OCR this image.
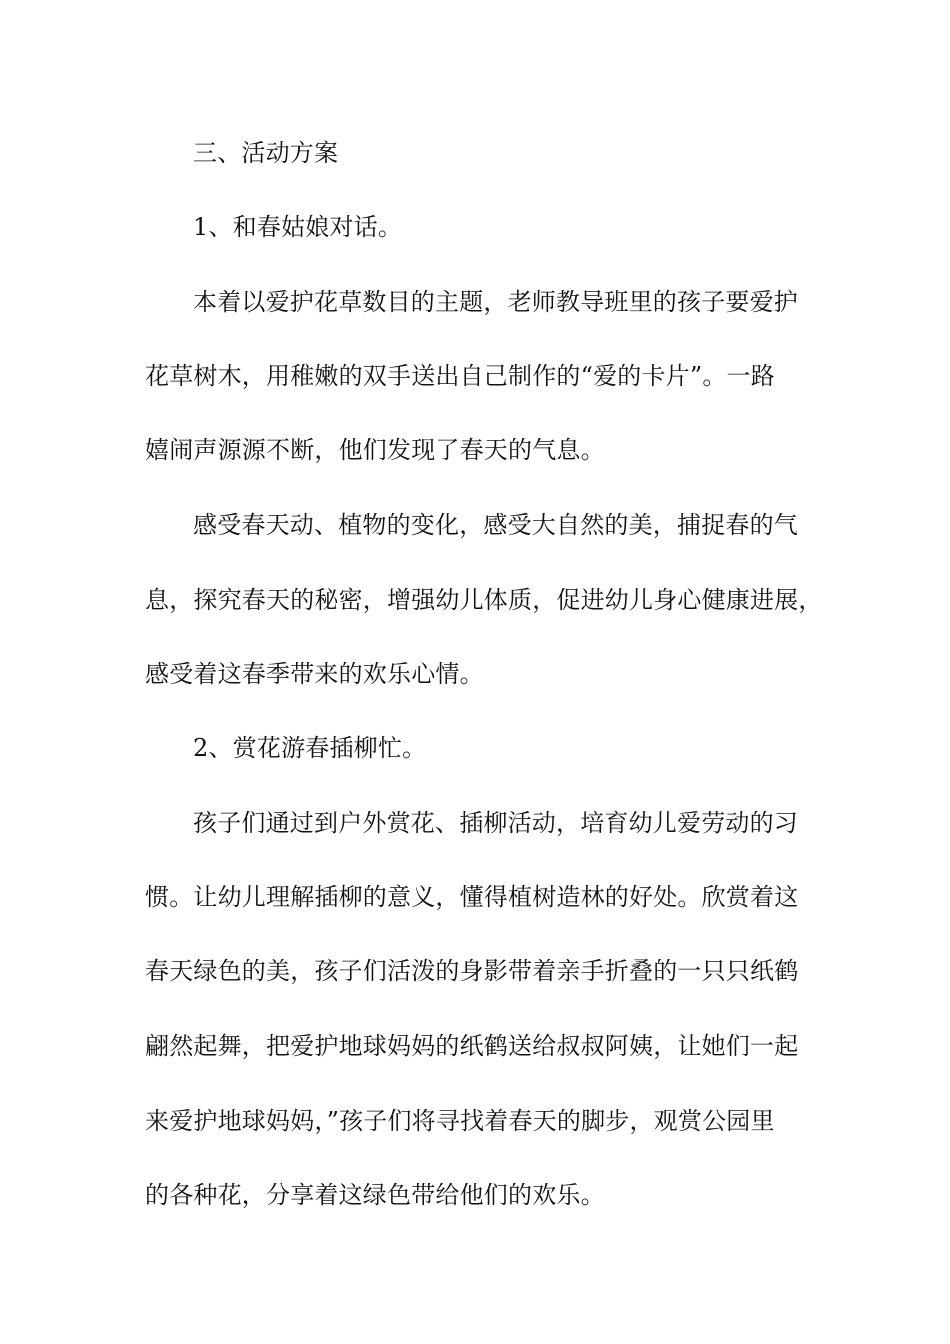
三、活动方案
1、和春姑娘对话。
本着以爱护花草数目的主题，老师教导班里的孩子要爱护
花草树木，用稚嫩的双手送出自己制作的“爱的卡片”。一路
嬉闹声源源不断，他们发现了春天的气息。
感受春天动、植物的变化，感受大自然的美，捕捉春的气
息，探究春天的秘密，增强幼儿体质，促进幼儿身心健康进展，
感受着这春季带来的欢乐心情。
2、赏花游春插柳忙。
孩子们通过到户外赏花、插柳活动，培育幼儿爱劳动的习
惯。让幼儿理解插柳的意义，懂得植树造林的好处。欣赏着这
春天绿色的美，孩子们活泼的身影带着亲手折叠的一只只纸鹤
翩然起舞，把爱护地球妈妈的纸鹤送给叔叔阿姨，让她们一起
来爱护地球妈妈，”孩子们将寻找着春天的脚步，观赏公园里
的各种花，分享着这绿色带给他们的欢乐。
